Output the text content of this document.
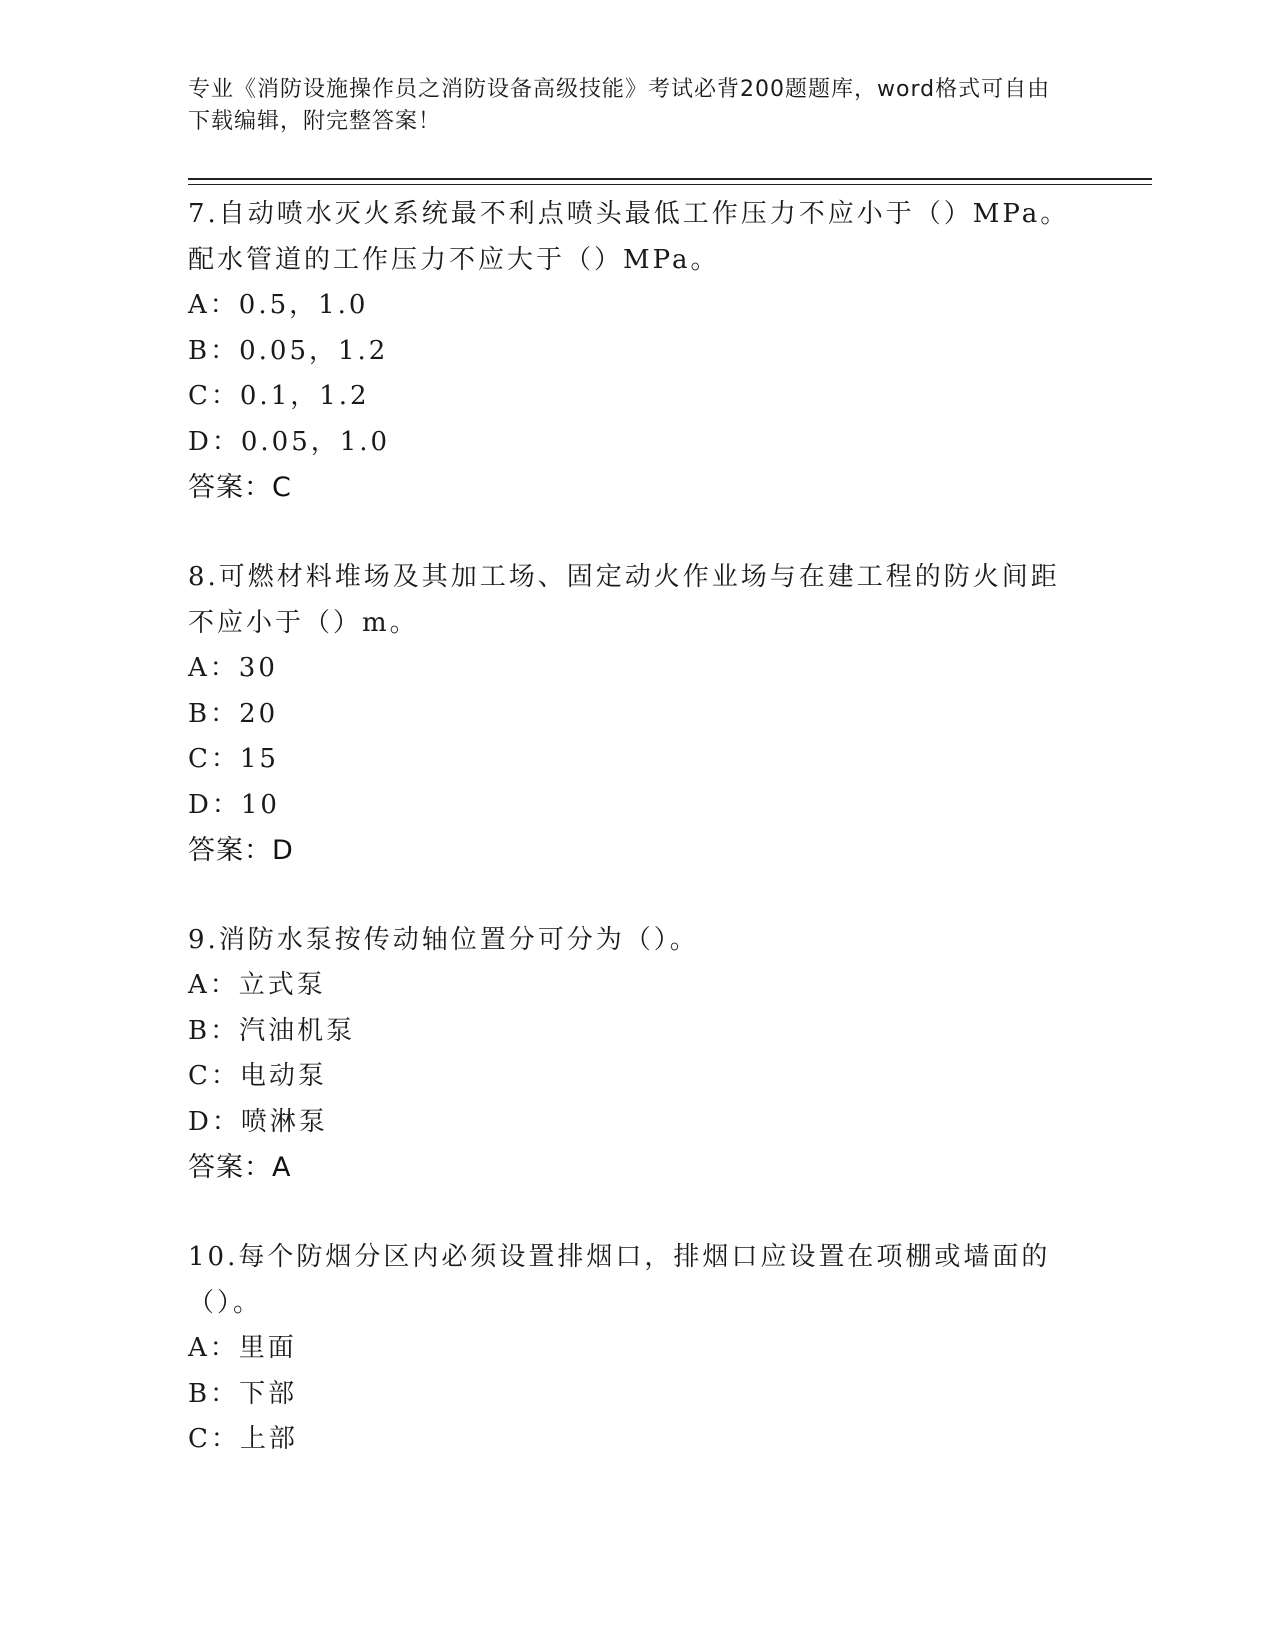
专业《消防设施操作员之消防设备高级技能》考试必背200题题库，word格式可自由下载编辑，附完整答案！
7.自动喷水灭火系统最不利点喷头最低工作压力不应小于（）MPa。配水管道的工作压力不应大于（）MPa。
A：0.5，1.0
B：0.05，1.2
C：0.1，1.2
D：0.05，1.0
答案：C
8.可燃材料堆场及其加工场、固定动火作业场与在建工程的防火间距不应小于（）m。
A：30
B：20
C：15
D：10
答案：D
9.消防水泵按传动轴位置分可分为（）。
A：立式泵
B：汽油机泵
C：电动泵
D：喷淋泵
答案：A
10.每个防烟分区内必须设置排烟口，排烟口应设置在项棚或墙面的（）。
A：里面
B：下部
C：上部
